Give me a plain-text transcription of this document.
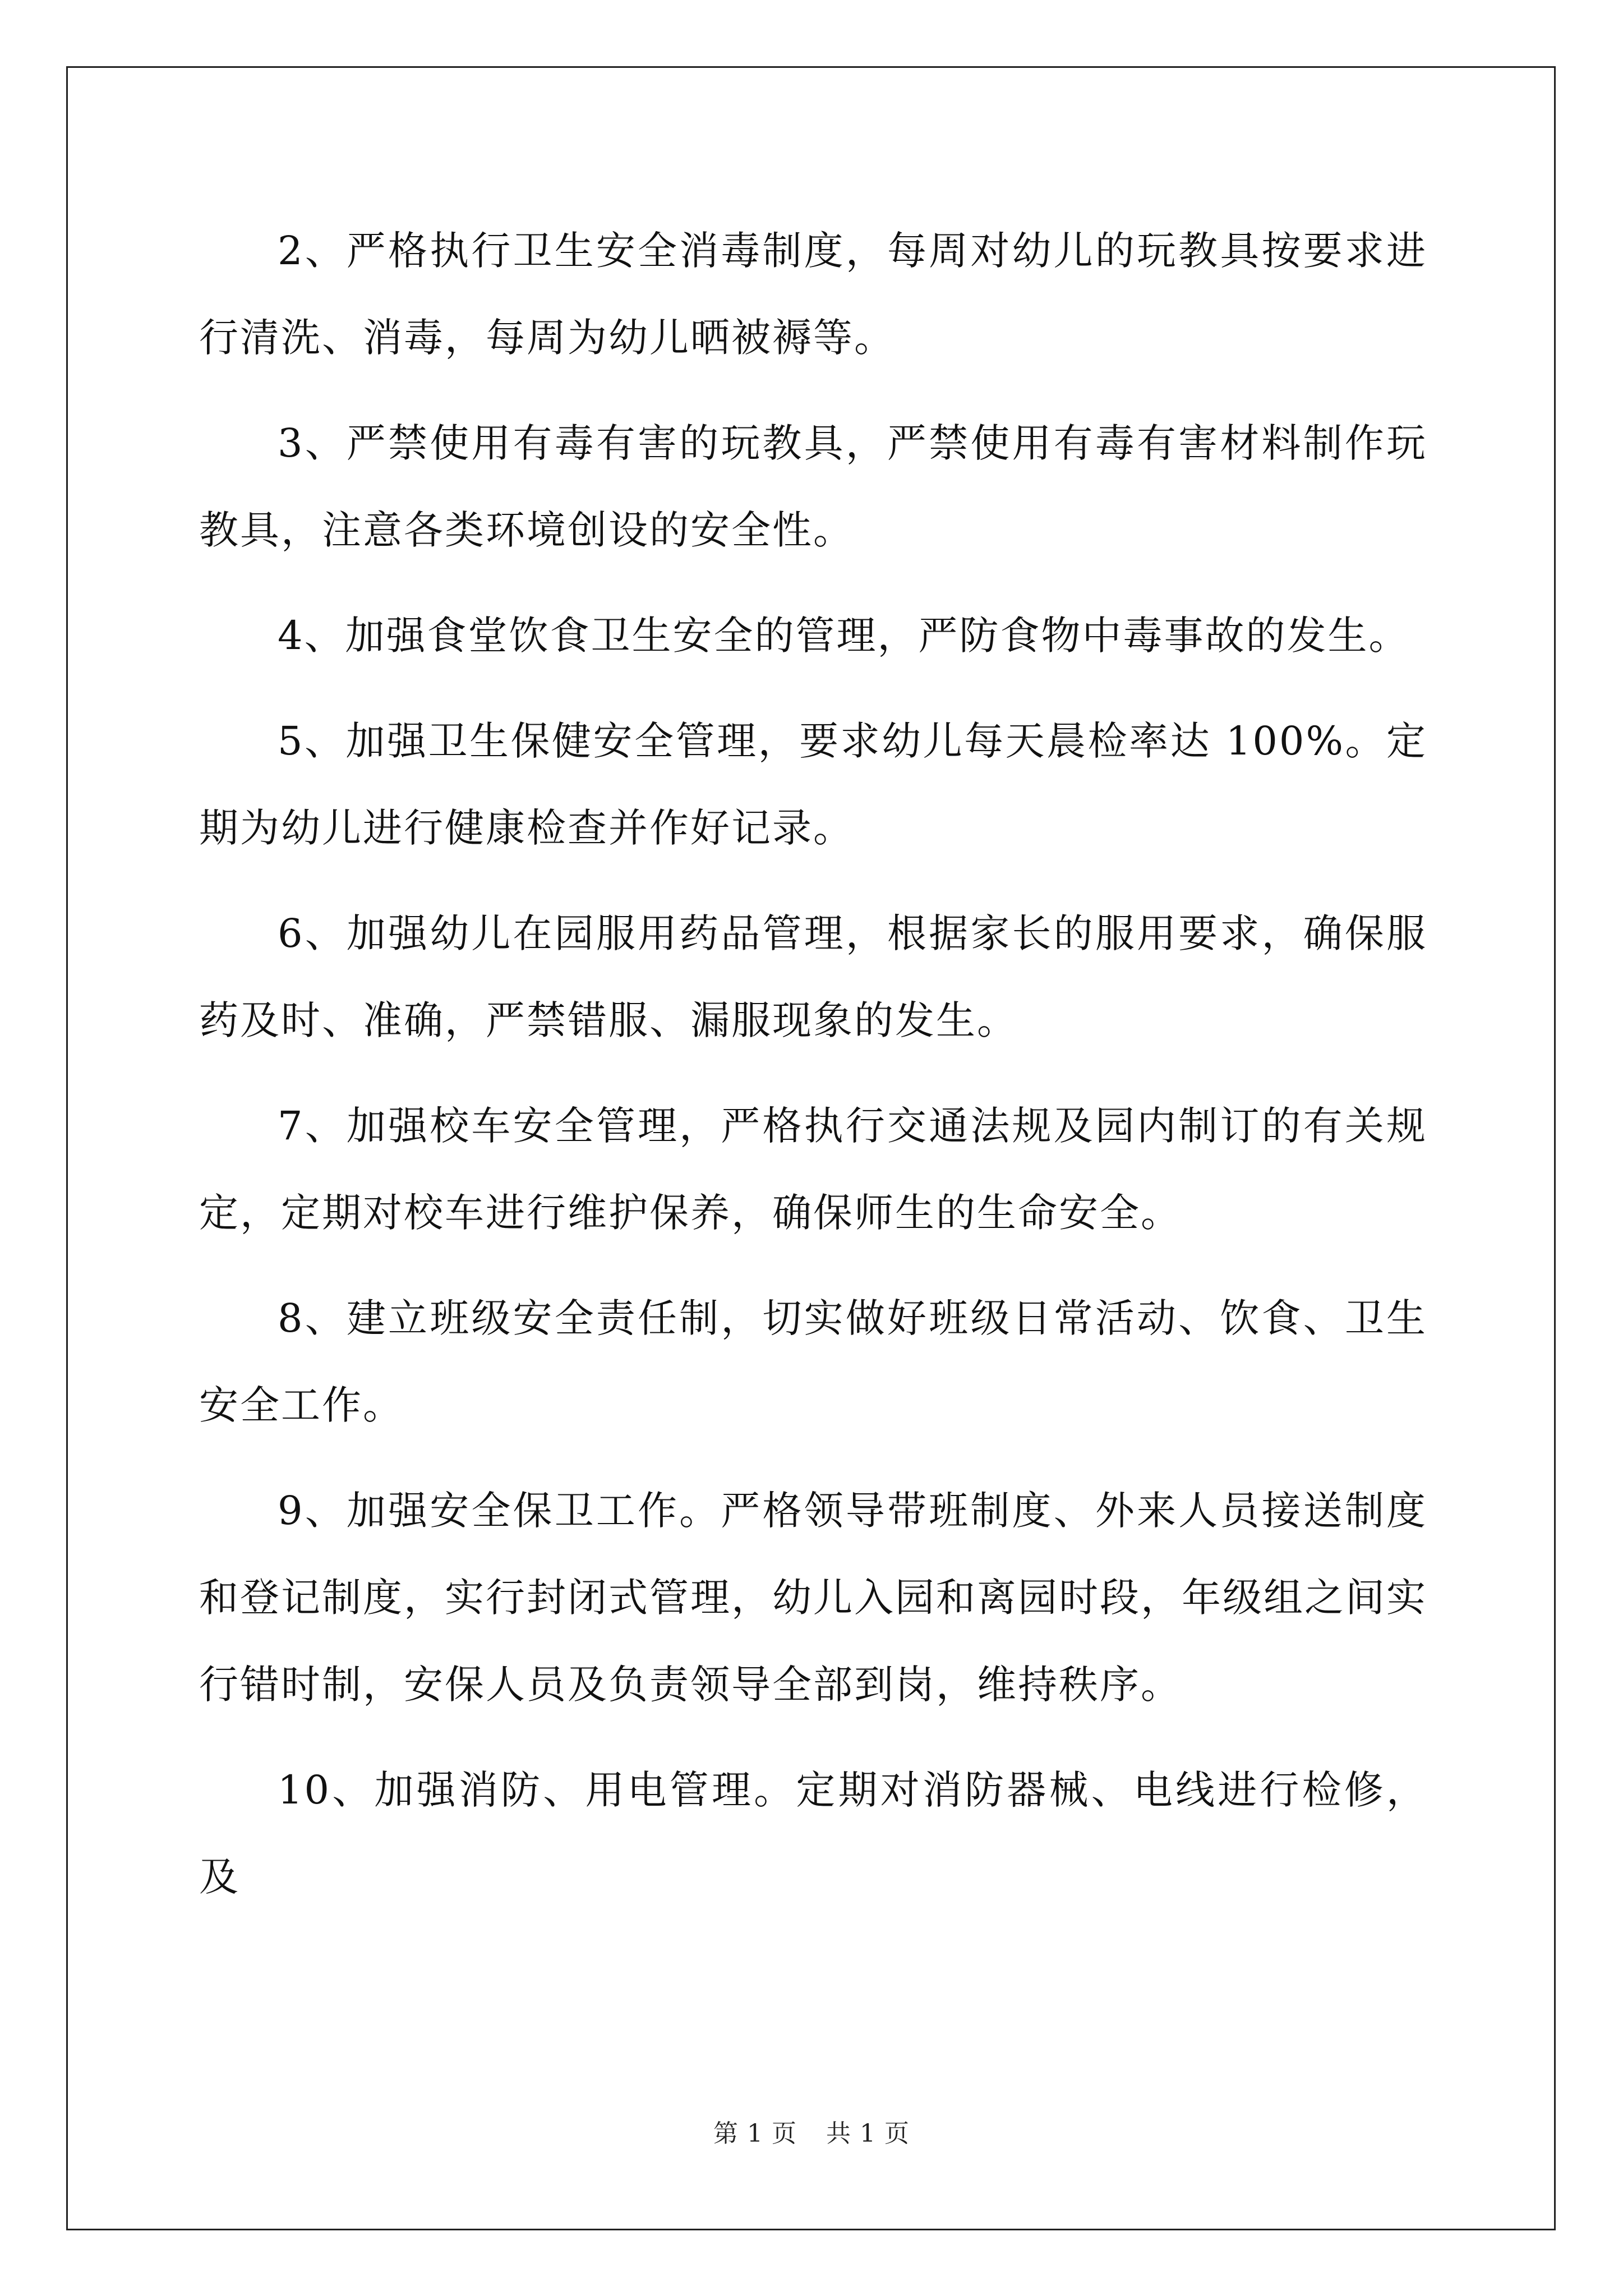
2、严格执行卫生安全消毒制度，每周对幼儿的玩教具按要求进行清洗、消毒，每周为幼儿晒被褥等。

3、严禁使用有毒有害的玩教具，严禁使用有毒有害材料制作玩教具，注意各类环境创设的安全性。

4、加强食堂饮食卫生安全的管理，严防食物中毒事故的发生。

5、加强卫生保健安全管理，要求幼儿每天晨检率达 100%。定期为幼儿进行健康检查并作好记录。

6、加强幼儿在园服用药品管理，根据家长的服用要求，确保服药及时、准确，严禁错服、漏服现象的发生。

7、加强校车安全管理，严格执行交通法规及园内制订的有关规定，定期对校车进行维护保养，确保师生的生命安全。

8、建立班级安全责任制，切实做好班级日常活动、饮食、卫生安全工作。

9、加强安全保卫工作。严格领导带班制度、外来人员接送制度和登记制度，实行封闭式管理，幼儿入园和离园时段，年级组之间实行错时制，安保人员及负责领导全部到岗，维持秩序。

10、加强消防、用电管理。定期对消防器械、电线进行检修，及

第 1 页 共 1 页
